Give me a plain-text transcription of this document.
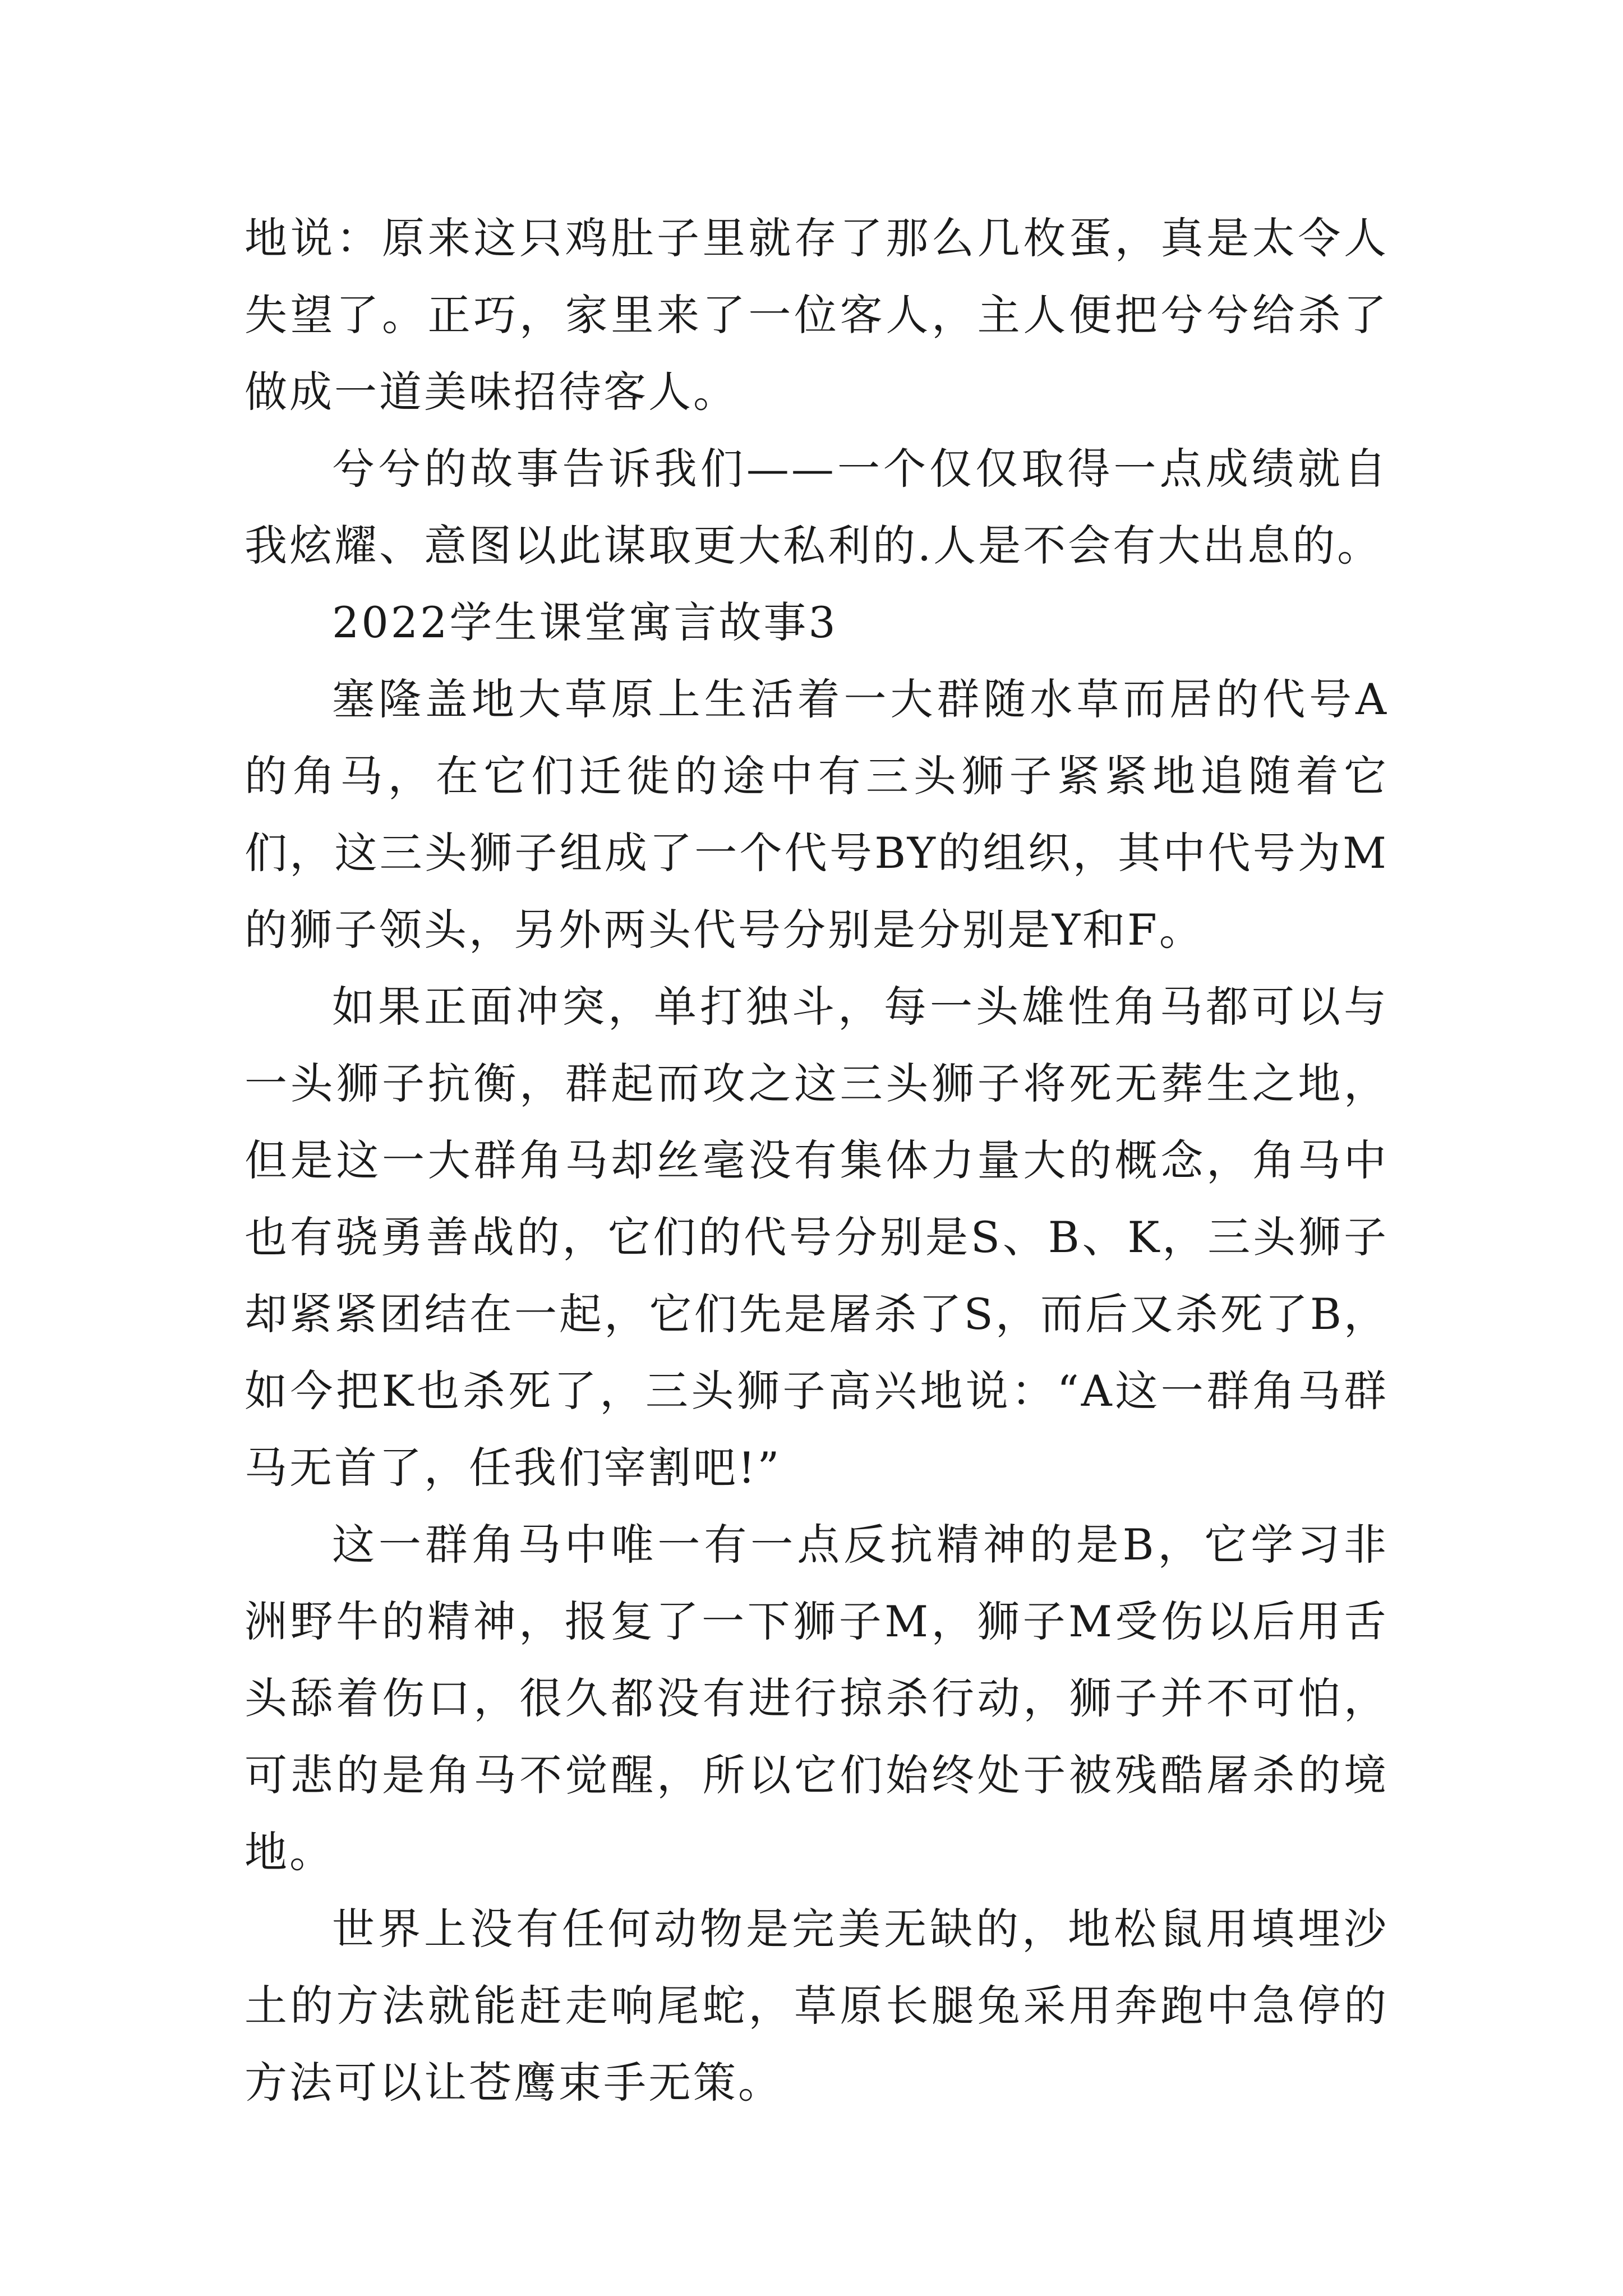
地说：原来这只鸡肚子里就存了那么几枚蛋，真是太令人失望了。正巧，家里来了一位客人，主人便把兮兮给杀了做成一道美味招待客人。

兮兮的故事告诉我们——一个仅仅取得一点成绩就自我炫耀、意图以此谋取更大私利的.人是不会有大出息的。

2022学生课堂寓言故事3

塞隆盖地大草原上生活着一大群随水草而居的代号A的角马，在它们迁徙的途中有三头狮子紧紧地追随着它们，这三头狮子组成了一个代号BY的组织，其中代号为M的狮子领头，另外两头代号分别是分别是Y和F。

如果正面冲突，单打独斗，每一头雄性角马都可以与一头狮子抗衡，群起而攻之这三头狮子将死无葬生之地，但是这一大群角马却丝毫没有集体力量大的概念，角马中也有骁勇善战的，它们的代号分别是S、B、K，三头狮子却紧紧团结在一起，它们先是屠杀了S，而后又杀死了B，如今把K也杀死了，三头狮子高兴地说：“A这一群角马群马无首了，任我们宰割吧!”

这一群角马中唯一有一点反抗精神的是B，它学习非洲野牛的精神，报复了一下狮子M，狮子M受伤以后用舌头舔着伤口，很久都没有进行掠杀行动，狮子并不可怕，可悲的是角马不觉醒，所以它们始终处于被残酷屠杀的境地。

世界上没有任何动物是完美无缺的，地松鼠用填埋沙土的方法就能赶走响尾蛇，草原长腿兔采用奔跑中急停的方法可以让苍鹰束手无策。
